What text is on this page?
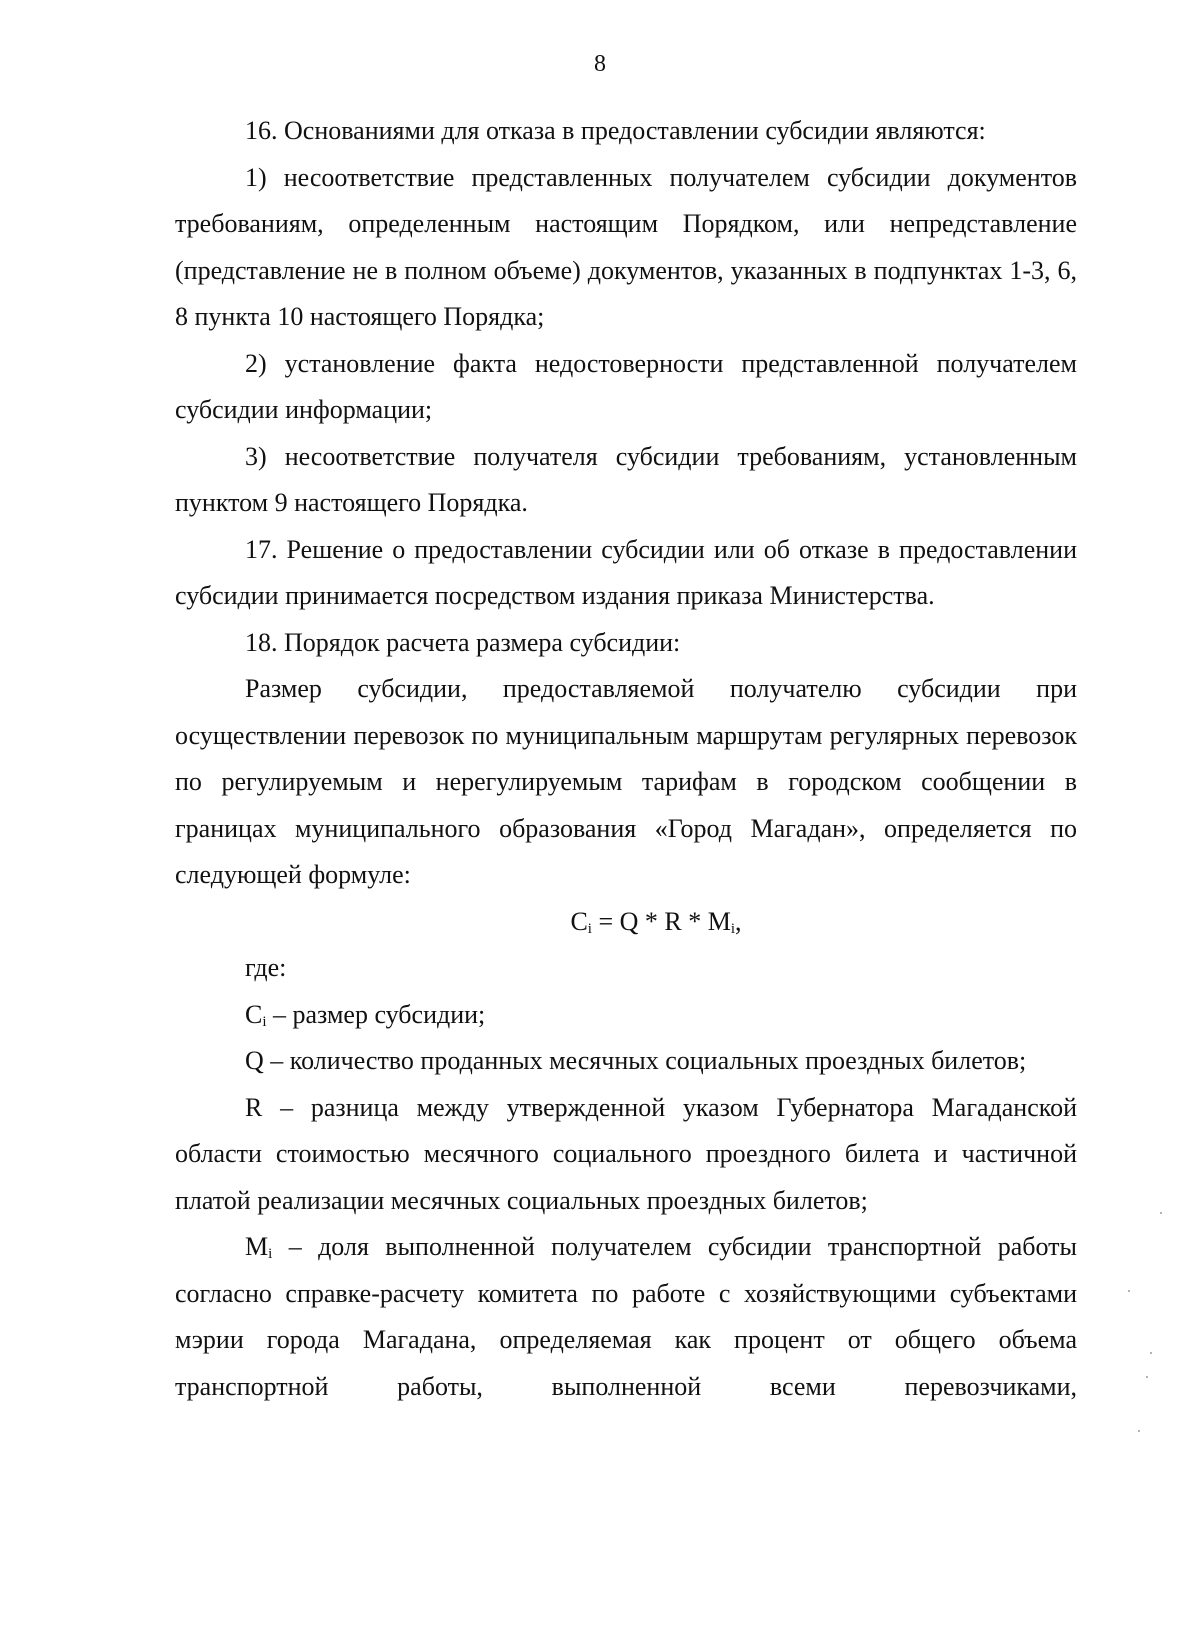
8

16. Основаниями для отказа в предоставлении субсидии являются:

1) несоответствие представленных получателем субсидии документов требованиям, определенным настоящим Порядком, или непредставление (представление не в полном объеме) документов, указанных в подпунктах 1-3, 6, 8 пункта 10 настоящего Порядка;

2) установление факта недостоверности представленной получателем субсидии информации;

3) несоответствие получателя субсидии требованиям, установленным пунктом 9 настоящего Порядка.

17. Решение о предоставлении субсидии или об отказе в предоставлении субсидии принимается посредством издания приказа Министерства.

18. Порядок расчета размера субсидии:

Размер субсидии, предоставляемой получателю субсидии при осуществлении перевозок по муниципальным маршрутам регулярных перевозок по регулируемым и нерегулируемым тарифам в городском сообщении в границах муниципального образования «Город Магадан», определяется по следующей формуле:

$C_i = Q * R * M_i$,

где:

$C_i$ – размер субсидии;

Q – количество проданных месячных социальных проездных билетов;

R – разница между утвержденной указом Губернатора Магаданской области стоимостью месячного социального проездного билета и частичной платой реализации месячных социальных проездных билетов;

$M_i$ – доля выполненной получателем субсидии транспортной работы согласно справке-расчету комитета по работе с хозяйствующими субъектами мэрии города Магадана, определяемая как процент от общего объема транспортной работы, выполненной всеми перевозчиками,
